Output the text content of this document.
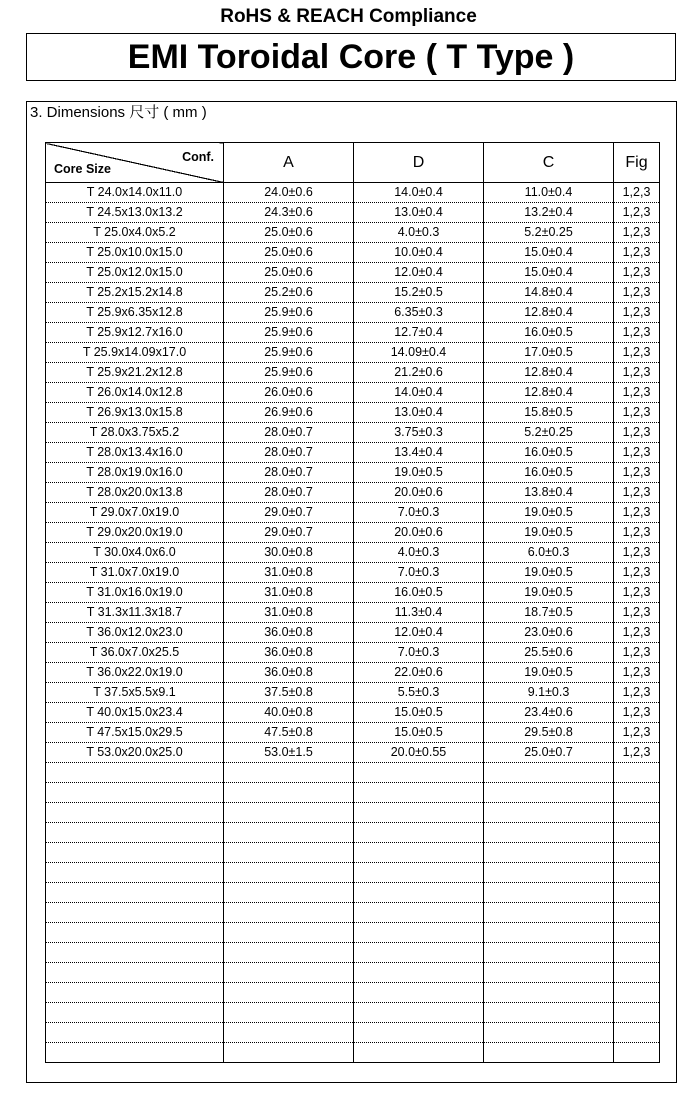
RoHS & REACH Compliance
EMI Toroidal Core ( T Type )
3. Dimensions 尺寸 ( mm )
Conf.
Core Size	A	D	C	Fig
T 24.0x14.0x11.0	24.0±0.6	14.0±0.4	11.0±0.4	1,2,3
T 24.5x13.0x13.2	24.3±0.6	13.0±0.4	13.2±0.4	1,2,3
T 25.0x4.0x5.2	25.0±0.6	4.0±0.3	5.2±0.25	1,2,3
T 25.0x10.0x15.0	25.0±0.6	10.0±0.4	15.0±0.4	1,2,3
T 25.0x12.0x15.0	25.0±0.6	12.0±0.4	15.0±0.4	1,2,3
T 25.2x15.2x14.8	25.2±0.6	15.2±0.5	14.8±0.4	1,2,3
T 25.9x6.35x12.8	25.9±0.6	6.35±0.3	12.8±0.4	1,2,3
T 25.9x12.7x16.0	25.9±0.6	12.7±0.4	16.0±0.5	1,2,3
T 25.9x14.09x17.0	25.9±0.6	14.09±0.4	17.0±0.5	1,2,3
T 25.9x21.2x12.8	25.9±0.6	21.2±0.6	12.8±0.4	1,2,3
T 26.0x14.0x12.8	26.0±0.6	14.0±0.4	12.8±0.4	1,2,3
T 26.9x13.0x15.8	26.9±0.6	13.0±0.4	15.8±0.5	1,2,3
T 28.0x3.75x5.2	28.0±0.7	3.75±0.3	5.2±0.25	1,2,3
T 28.0x13.4x16.0	28.0±0.7	13.4±0.4	16.0±0.5	1,2,3
T 28.0x19.0x16.0	28.0±0.7	19.0±0.5	16.0±0.5	1,2,3
T 28.0x20.0x13.8	28.0±0.7	20.0±0.6	13.8±0.4	1,2,3
T 29.0x7.0x19.0	29.0±0.7	7.0±0.3	19.0±0.5	1,2,3
T 29.0x20.0x19.0	29.0±0.7	20.0±0.6	19.0±0.5	1,2,3
T 30.0x4.0x6.0	30.0±0.8	4.0±0.3	6.0±0.3	1,2,3
T 31.0x7.0x19.0	31.0±0.8	7.0±0.3	19.0±0.5	1,2,3
T 31.0x16.0x19.0	31.0±0.8	16.0±0.5	19.0±0.5	1,2,3
T 31.3x11.3x18.7	31.0±0.8	11.3±0.4	18.7±0.5	1,2,3
T 36.0x12.0x23.0	36.0±0.8	12.0±0.4	23.0±0.6	1,2,3
T 36.0x7.0x25.5	36.0±0.8	7.0±0.3	25.5±0.6	1,2,3
T 36.0x22.0x19.0	36.0±0.8	22.0±0.6	19.0±0.5	1,2,3
T 37.5x5.5x9.1	37.5±0.8	5.5±0.3	9.1±0.3	1,2,3
T 40.0x15.0x23.4	40.0±0.8	15.0±0.5	23.4±0.6	1,2,3
T 47.5x15.0x29.5	47.5±0.8	15.0±0.5	29.5±0.8	1,2,3
T 53.0x20.0x25.0	53.0±1.5	20.0±0.55	25.0±0.7	1,2,3
